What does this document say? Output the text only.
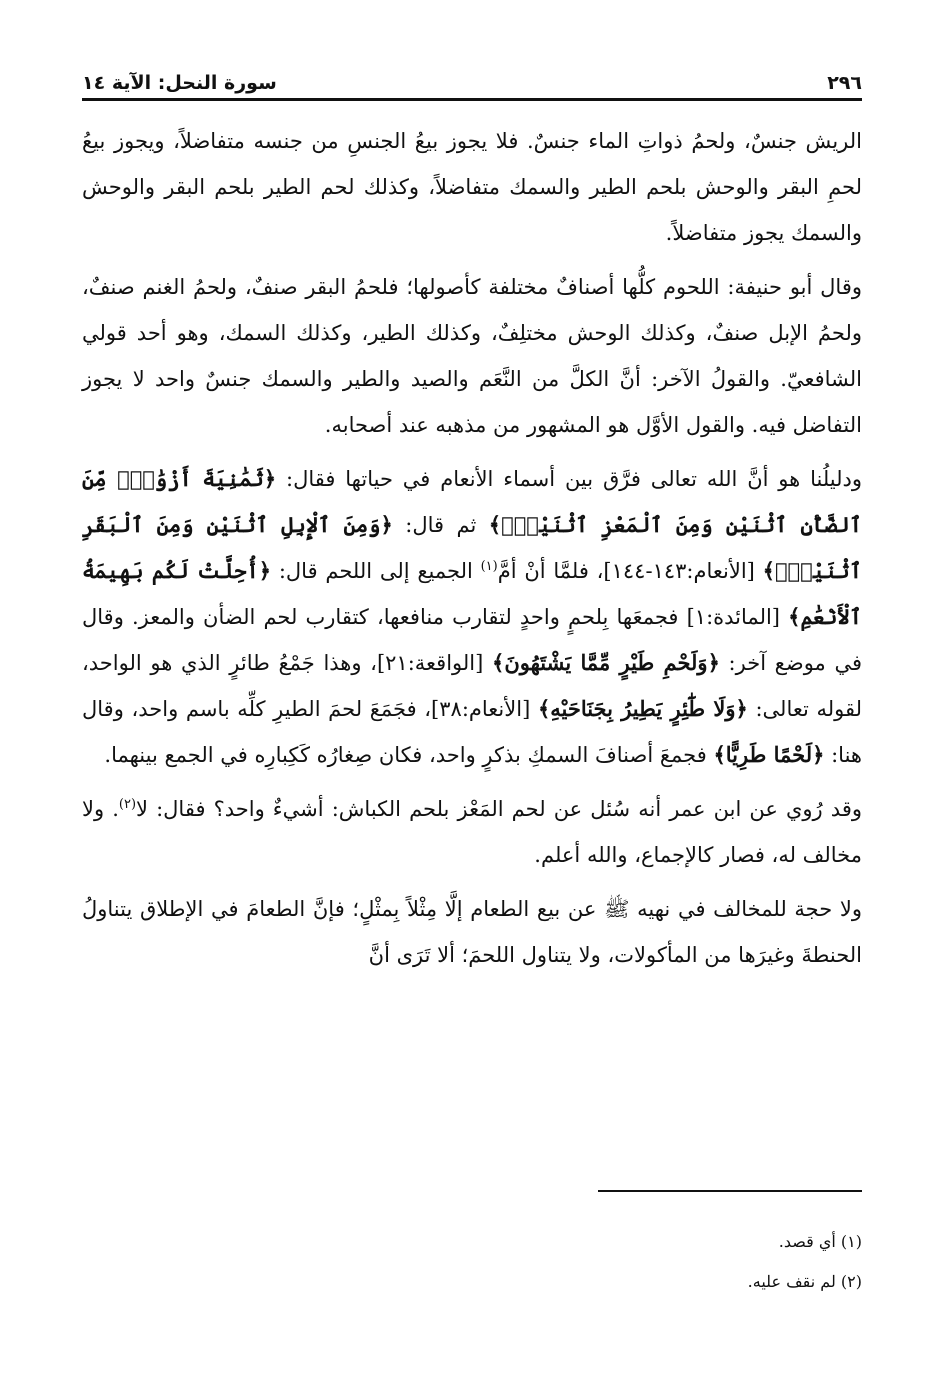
٢٩٦
سورة النحل: الآية ١٤

الريش جنسٌ، ولحمُ ذواتِ الماء جنسٌ. فلا يجوز بيعُ الجنسِ من جنسه متفاضلاً، ويجوز بيعُ لحمِ البقر والوحش بلحم الطير والسمك متفاضلاً، وكذلك لحم الطير بلحم البقر والوحش والسمك يجوز متفاضلاً.

وقال أبو حنيفة: اللحوم كلُّها أصنافٌ مختلفة كأصولها؛ فلحمُ البقر صنفٌ، ولحمُ الغنم صنفٌ، ولحمُ الإبل صنفٌ، وكذلك الوحش مختلِفٌ، وكذلك الطير، وكذلك السمك، وهو أحد قولي الشافعيّ. والقولُ الآخر: أنَّ الكلَّ من النَّعَم والصيد والطير والسمك جنسٌ واحد لا يجوز التفاضل فيه. والقول الأوَّل هو المشهور من مذهبه عند أصحابه.

ودليلُنا هو أنَّ الله تعالى فرَّق بين أسماء الأنعام في حياتها فقال: ﴿ثَمَٰنِيَةَ أَزْوَٰجٍۖ مِّنَ ٱلضَّأْنِ ٱثْنَيْنِ وَمِنَ ٱلْمَعْزِ ٱثْنَيْنِۗ﴾ ثم قال: ﴿وَمِنَ ٱلْإِبِلِ ٱثْنَيْنِ وَمِنَ ٱلْبَقَرِ ٱثْنَيْنِۗ﴾ [الأنعام:١٤٣-١٤٤]، فلمَّا أنْ أمَّ$^{(١)}$ الجميع إلى اللحم قال: ﴿أُحِلَّتْ لَكُم بَهِيمَةُ ٱلْأَنْعَٰمِ﴾ [المائدة:١] فجمعَها بِلحمٍ واحدٍ لتقارب منافعها، كتقارب لحم الضأن والمعز. وقال في موضع آخر: ﴿وَلَحْمِ طَيْرٍ مِّمَّا يَشْتَهُونَ﴾ [الواقعة:٢١]، وهذا جَمْعُ طائرٍ الذي هو الواحد، لقوله تعالى: ﴿وَلَا طَٰٓئِرٍ يَطِيرُ بِجَنَاحَيْهِ﴾ [الأنعام:٣٨]، فجَمَعَ لحمَ الطيرِ كلِّه باسم واحد، وقال هنا: ﴿لَحْمًا طَرِيًّا﴾ فجمعَ أصنافَ السمكِ بذكرٍ واحد، فكان صِغارُه كَكِبارِه في الجمع بينهما.

وقد رُوي عن ابن عمر أنه سُئل عن لحم المَعْز بلحم الكباش: أشيءٌ واحد؟ فقال: لا$^{(٢)}$. ولا مخالف له، فصار كالإجماع، والله أعلم.

ولا حجة للمخالف في نهيه ﷺ عن بيع الطعام إلَّا مِثْلاً بِمثْلٍ؛ فإنَّ الطعامَ في الإطلاق يتناولُ الحنطةَ وغيرَها من المأكولات، ولا يتناول اللحمَ؛ ألا تَرَى أنَّ

(١) أي قصد.

(٢) لم نقف عليه.
